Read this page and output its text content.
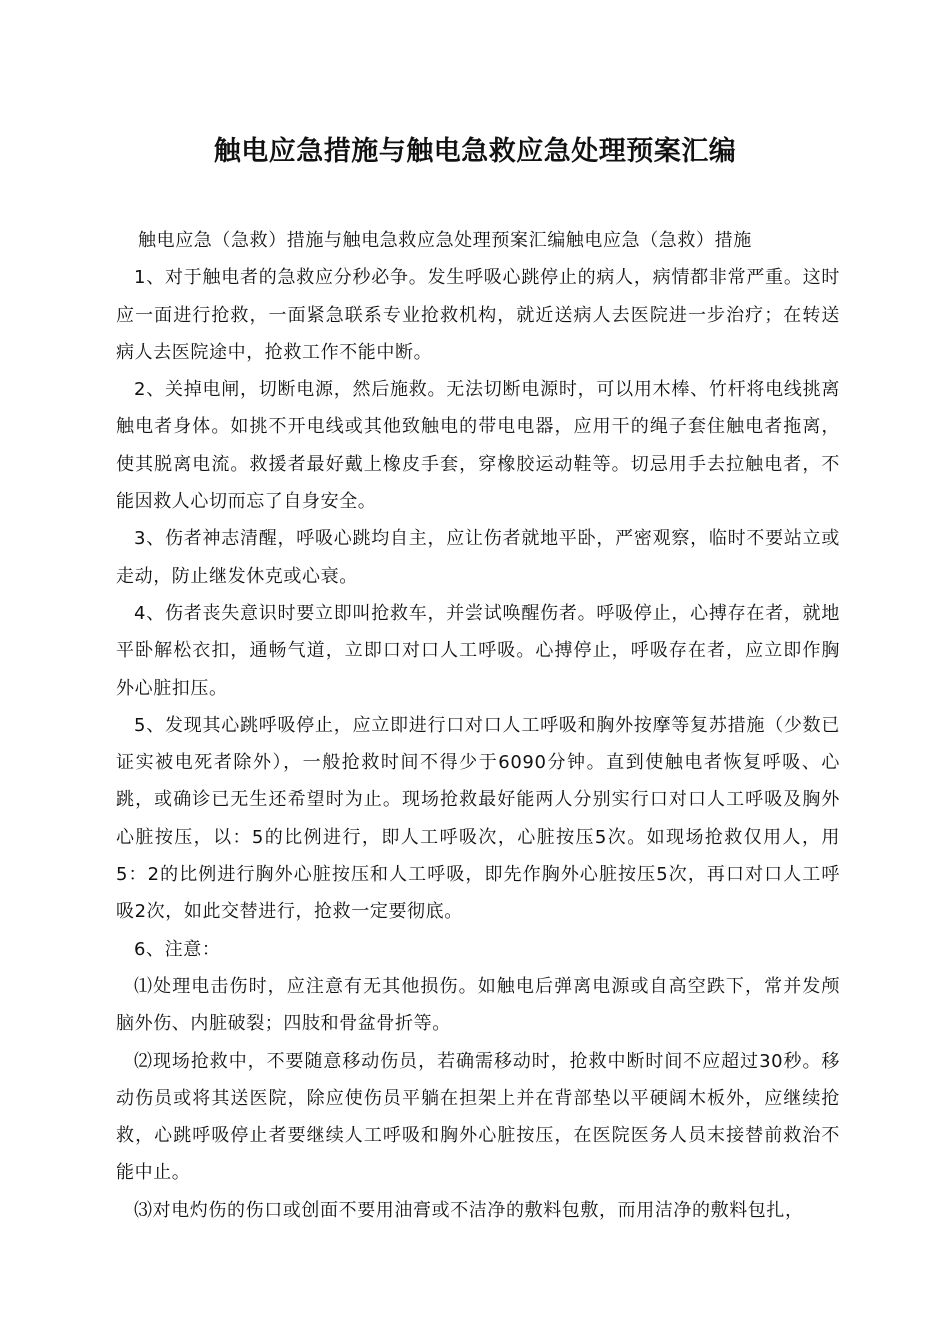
触电应急措施与触电急救应急处理预案汇编

触电应急（急救）措施与触电急救应急处理预案汇编触电应急（急救）措施

1、对于触电者的急救应分秒必争。发生呼吸心跳停止的病人，病情都非常严重。这时应一面进行抢救，一面紧急联系专业抢救机构，就近送病人去医院进一步治疗；在转送病人去医院途中，抢救工作不能中断。

2、关掉电闸，切断电源，然后施救。无法切断电源时，可以用木棒、竹杆将电线挑离触电者身体。如挑不开电线或其他致触电的带电电器，应用干的绳子套住触电者拖离，使其脱离电流。救援者最好戴上橡皮手套，穿橡胶运动鞋等。切忌用手去拉触电者，不能因救人心切而忘了自身安全。

3、伤者神志清醒，呼吸心跳均自主，应让伤者就地平卧，严密观察，临时不要站立或走动，防止继发休克或心衰。

4、伤者丧失意识时要立即叫抢救车，并尝试唤醒伤者。呼吸停止，心搏存在者，就地平卧解松衣扣，通畅气道，立即口对口人工呼吸。心搏停止，呼吸存在者，应立即作胸外心脏扣压。

5、发现其心跳呼吸停止，应立即进行口对口人工呼吸和胸外按摩等复苏措施（少数已证实被电死者除外），一般抢救时间不得少于6090分钟。直到使触电者恢复呼吸、心跳，或确诊已无生还希望时为止。现场抢救最好能两人分别实行口对口人工呼吸及胸外心脏按压，以：5的比例进行，即人工呼吸次，心脏按压5次。如现场抢救仅用人，用5：2的比例进行胸外心脏按压和人工呼吸，即先作胸外心脏按压5次，再口对口人工呼吸2次，如此交替进行，抢救一定要彻底。

6、注意：

⑴处理电击伤时，应注意有无其他损伤。如触电后弹离电源或自高空跌下，常并发颅脑外伤、内脏破裂；四肢和骨盆骨折等。

⑵现场抢救中，不要随意移动伤员，若确需移动时，抢救中断时间不应超过30秒。移动伤员或将其送医院，除应使伤员平躺在担架上并在背部垫以平硬阔木板外，应继续抢救，心跳呼吸停止者要继续人工呼吸和胸外心脏按压，在医院医务人员末接替前救治不能中止。

⑶对电灼伤的伤口或创面不要用油膏或不洁净的敷料包敷，而用洁净的敷料包扎，
